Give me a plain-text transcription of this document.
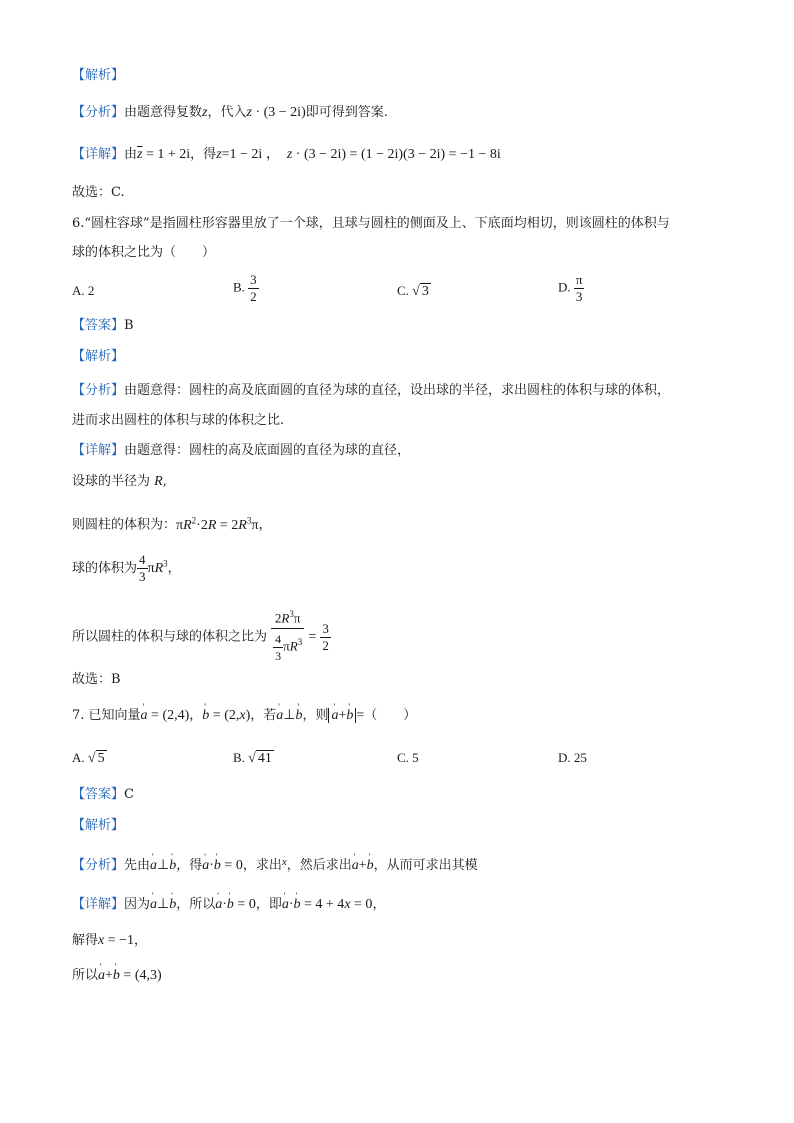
【解析】
【分析】由题意得复数z，代入z · (3 − 2i)即可得到答案.
【详解】由$\overline{z} = 1 + 2i$，得z=1 − 2i ，  z · (3 − 2i) = (1 − 2i)(3 − 2i) = −1 − 8i
故选：C.
6.“圆柱容球”是指圆柱形容器里放了一个球，且球与圆柱的侧面及上、下底面均相切，则该圆柱的体积与
球的体积之比为（　　）
A. 2	B. $\frac{3}{2}$	C. √ 3	D. $\frac{\pi}{3}$
【答案】B
【解析】
【分析】由题意得：圆柱的高及底面圆的直径为球的直径，设出球的半径，求出圆柱的体积与球的体积，
进而求出圆柱的体积与球的体积之比.
【详解】由题意得：圆柱的高及底面圆的直径为球的直径，
设球的半径为 R,
则圆柱的体积为：$\pi R^2\cdot 2R = 2R^3\pi$，
球的体积为 $\frac{4}{3} \pi R^3$，
所以圆柱的体积与球的体积之比为 $\frac{2R^3\pi}{\frac{4}{3} \pi R^3} = \frac{3}{2}$
故选：B
7. 已知向量' a = (2,4)，' b = (2,x)，若' a⊥' b，则 ' a+' b =（　　）
A. √ 5	B. √ 41	C. 5	D. 25
【答案】C
【解析】
【分析】先由' a⊥' b，得' a·' b = 0，求出$^x$，然后求出' a+' b，从而可求出其模
【详解】因为' a⊥' b，所以' a·' b = 0，即' a·' b = 4 + 4x = 0，
解得x = −1，
所以' a+' b = (4,3)
